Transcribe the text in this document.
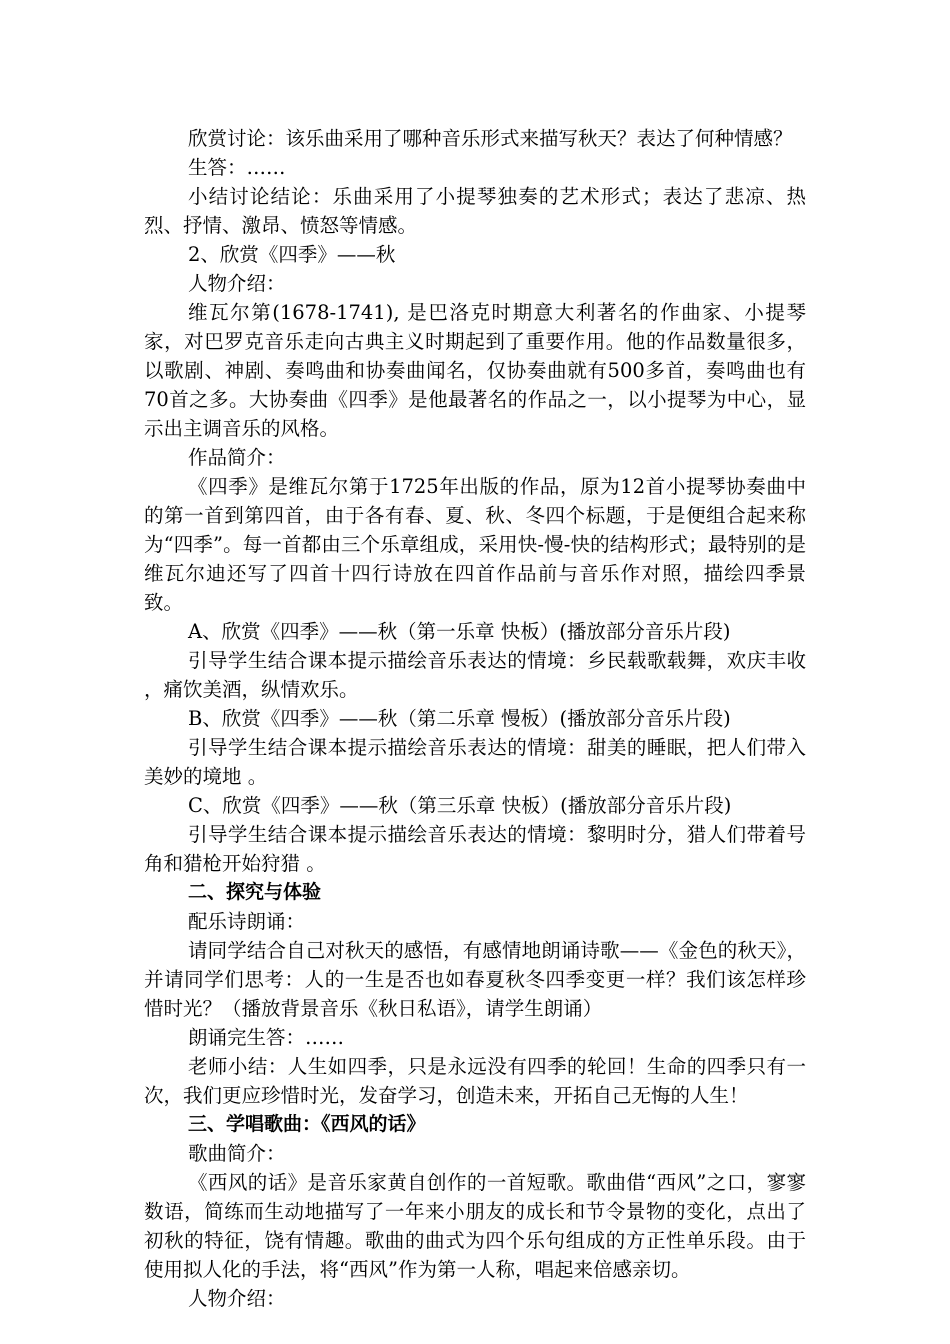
欣赏讨论：该乐曲采用了哪种音乐形式来描写秋天？表达了何种情感？

生答：……

小结讨论结论：乐曲采用了小提琴独奏的艺术形式；表达了悲凉、热烈、抒情、激昂、愤怒等情感。

2、欣赏《四季》——秋

人物介绍：

维瓦尔第(1678-1741), 是巴洛克时期意大利著名的作曲家、小提琴家，对巴罗克音乐走向古典主义时期起到了重要作用。他的作品数量很多，以歌剧、神剧、奏鸣曲和协奏曲闻名，仅协奏曲就有500多首，奏鸣曲也有70首之多。大协奏曲《四季》是他最著名的作品之一，以小提琴为中心，显示出主调音乐的风格。

作品简介：

《四季》是维瓦尔第于1725年出版的作品，原为12首小提琴协奏曲中的第一首到第四首，由于各有春、夏、秋、冬四个标题，于是便组合起来称为“四季”。每一首都由三个乐章组成，采用快-慢-快的结构形式；最特别的是维瓦尔迪还写了四首十四行诗放在四首作品前与音乐作对照，描绘四季景致。

A、欣赏《四季》——秋（第一乐章 快板）(播放部分音乐片段)

引导学生结合课本提示描绘音乐表达的情境：乡民载歌载舞，欢庆丰收 ，痛饮美酒，纵情欢乐。

B、欣赏《四季》——秋（第二乐章 慢板）(播放部分音乐片段)

引导学生结合课本提示描绘音乐表达的情境：甜美的睡眠，把人们带入美妙的境地 。

C、欣赏《四季》——秋（第三乐章 快板）(播放部分音乐片段)

引导学生结合课本提示描绘音乐表达的情境：黎明时分，猎人们带着号角和猎枪开始狩猎 。

二、探究与体验

配乐诗朗诵：

请同学结合自己对秋天的感悟，有感情地朗诵诗歌——《金色的秋天》，并请同学们思考：人的一生是否也如春夏秋冬四季变更一样？我们该怎样珍惜时光？（播放背景音乐《秋日私语》，请学生朗诵）

朗诵完生答：……

老师小结：人生如四季，只是永远没有四季的轮回！生命的四季只有一次，我们更应珍惜时光，发奋学习，创造未来，开拓自己无悔的人生！

三、学唱歌曲：《西风的话》

歌曲简介：

《西风的话》是音乐家黄自创作的一首短歌。歌曲借“西风”之口，寥寥数语，简练而生动地描写了一年来小朋友的成长和节令景物的变化，点出了初秋的特征，饶有情趣。歌曲的曲式为四个乐句组成的方正性单乐段。由于使用拟人化的手法，将“西风”作为第一人称，唱起来倍感亲切。

人物介绍：
